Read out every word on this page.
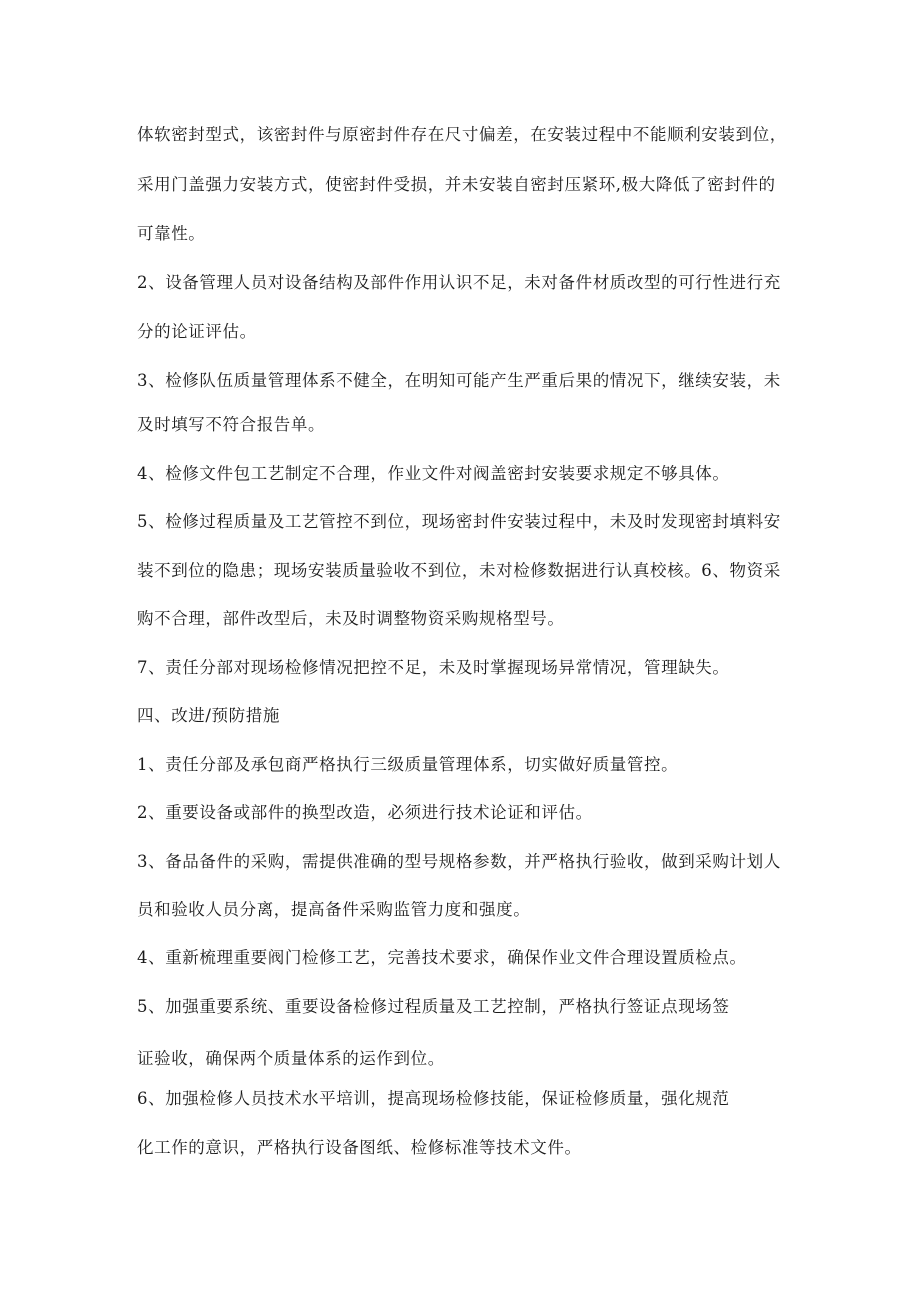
体软密封型式，该密封件与原密封件存在尺寸偏差，在安装过程中不能顺利安装到位，

采用门盖强力安装方式，使密封件受损，并未安装自密封压紧环,极大降低了密封件的

可靠性。

2、设备管理人员对设备结构及部件作用认识不足，未对备件材质改型的可行性进行充

分的论证评估。

3、检修队伍质量管理体系不健全，在明知可能产生严重后果的情况下，继续安装，未

及时填写不符合报告单。

4、检修文件包工艺制定不合理，作业文件对阀盖密封安装要求规定不够具体。

5、检修过程质量及工艺管控不到位，现场密封件安装过程中，未及时发现密封填料安

装不到位的隐患；现场安装质量验收不到位，未对检修数据进行认真校核。6、物资采

购不合理，部件改型后，未及时调整物资采购规格型号。

7、责任分部对现场检修情况把控不足，未及时掌握现场异常情况，管理缺失。

四、改进/预防措施

1、责任分部及承包商严格执行三级质量管理体系，切实做好质量管控。

2、重要设备或部件的换型改造，必须进行技术论证和评估。

3、备品备件的采购，需提供准确的型号规格参数，并严格执行验收，做到采购计划人

员和验收人员分离，提高备件采购监管力度和强度。

4、重新梳理重要阀门检修工艺，完善技术要求，确保作业文件合理设置质检点。

5、加强重要系统、重要设备检修过程质量及工艺控制，严格执行签证点现场签

证验收，确保两个质量体系的运作到位。

6、加强检修人员技术水平培训，提高现场检修技能，保证检修质量，强化规范

化工作的意识，严格执行设备图纸、检修标准等技术文件。
